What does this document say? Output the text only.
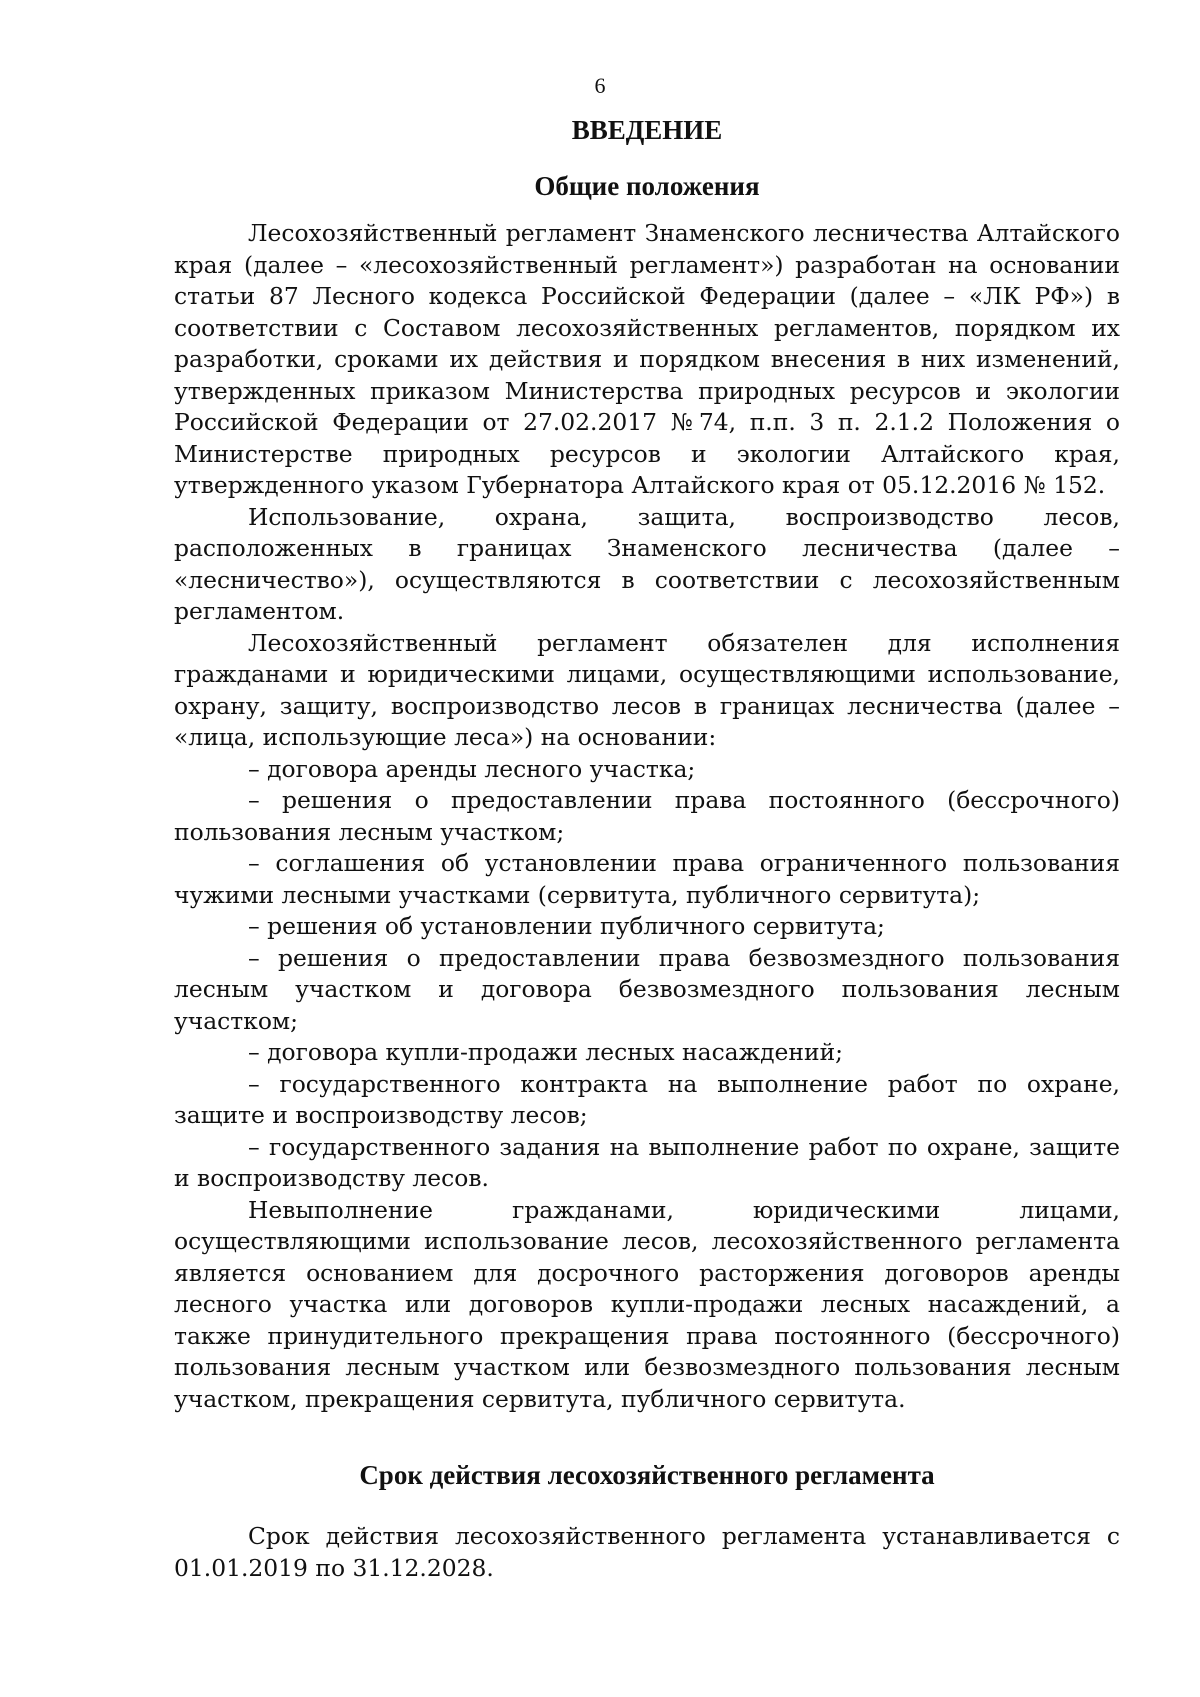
6
ВВЕДЕНИЕ
Общие положения

Лесохозяйственный регламент Знаменского лесничества Алтайского края (далее – «лесохозяйственный регламент») разработан на основании статьи 87 Лесного кодекса Российской Федерации (далее – «ЛК РФ») в соответствии с Составом лесохозяйственных регламентов, порядком их разработки, сроками их действия и порядком внесения в них изменений, утвержденных приказом Министерства природных ресурсов и экологии Российской Федерации от 27.02.2017 №74, п.п. 3 п. 2.1.2 Положения о Министерстве природных ресурсов и экологии Алтайского края, утвержденного указом Губернатора Алтайского края от 05.12.2016 № 152.

Использование, охрана, защита, воспроизводство лесов, расположенных в границах Знаменского лесничества (далее – «лесничество»), осуществляются в соответствии с лесохозяйственным регламентом.

Лесохозяйственный регламент обязателен для исполнения гражданами и юридическими лицами, осуществляющими использование, охрану, защиту, воспроизводство лесов в границах лесничества (далее – «лица, использующие леса») на основании:

– договора аренды лесного участка;

– решения о предоставлении права постоянного (бессрочного) пользования лесным участком;

– соглашения об установлении права ограниченного пользования чужими лесными участками (сервитута, публичного сервитута);

– решения об установлении публичного сервитута;

– решения о предоставлении права безвозмездного пользования лесным участком и договора безвозмездного пользования лесным участком;

– договора купли-продажи лесных насаждений;

– государственного контракта на выполнение работ по охране, защите и воспроизводству лесов;

– государственного задания на выполнение работ по охране, защите и воспроизводству лесов.

Невыполнение гражданами, юридическими лицами, осуществляющими использование лесов, лесохозяйственного регламента является основанием для досрочного расторжения договоров аренды лесного участка или договоров купли-продажи лесных насаждений, а также принудительного прекращения права постоянного (бессрочного) пользования лесным участком или безвозмездного пользования лесным участком, прекращения сервитута, публичного сервитута.

Срок действия лесохозяйственного регламента

Срок действия лесохозяйственного регламента устанавливается с 01.01.2019 по 31.12.2028.
